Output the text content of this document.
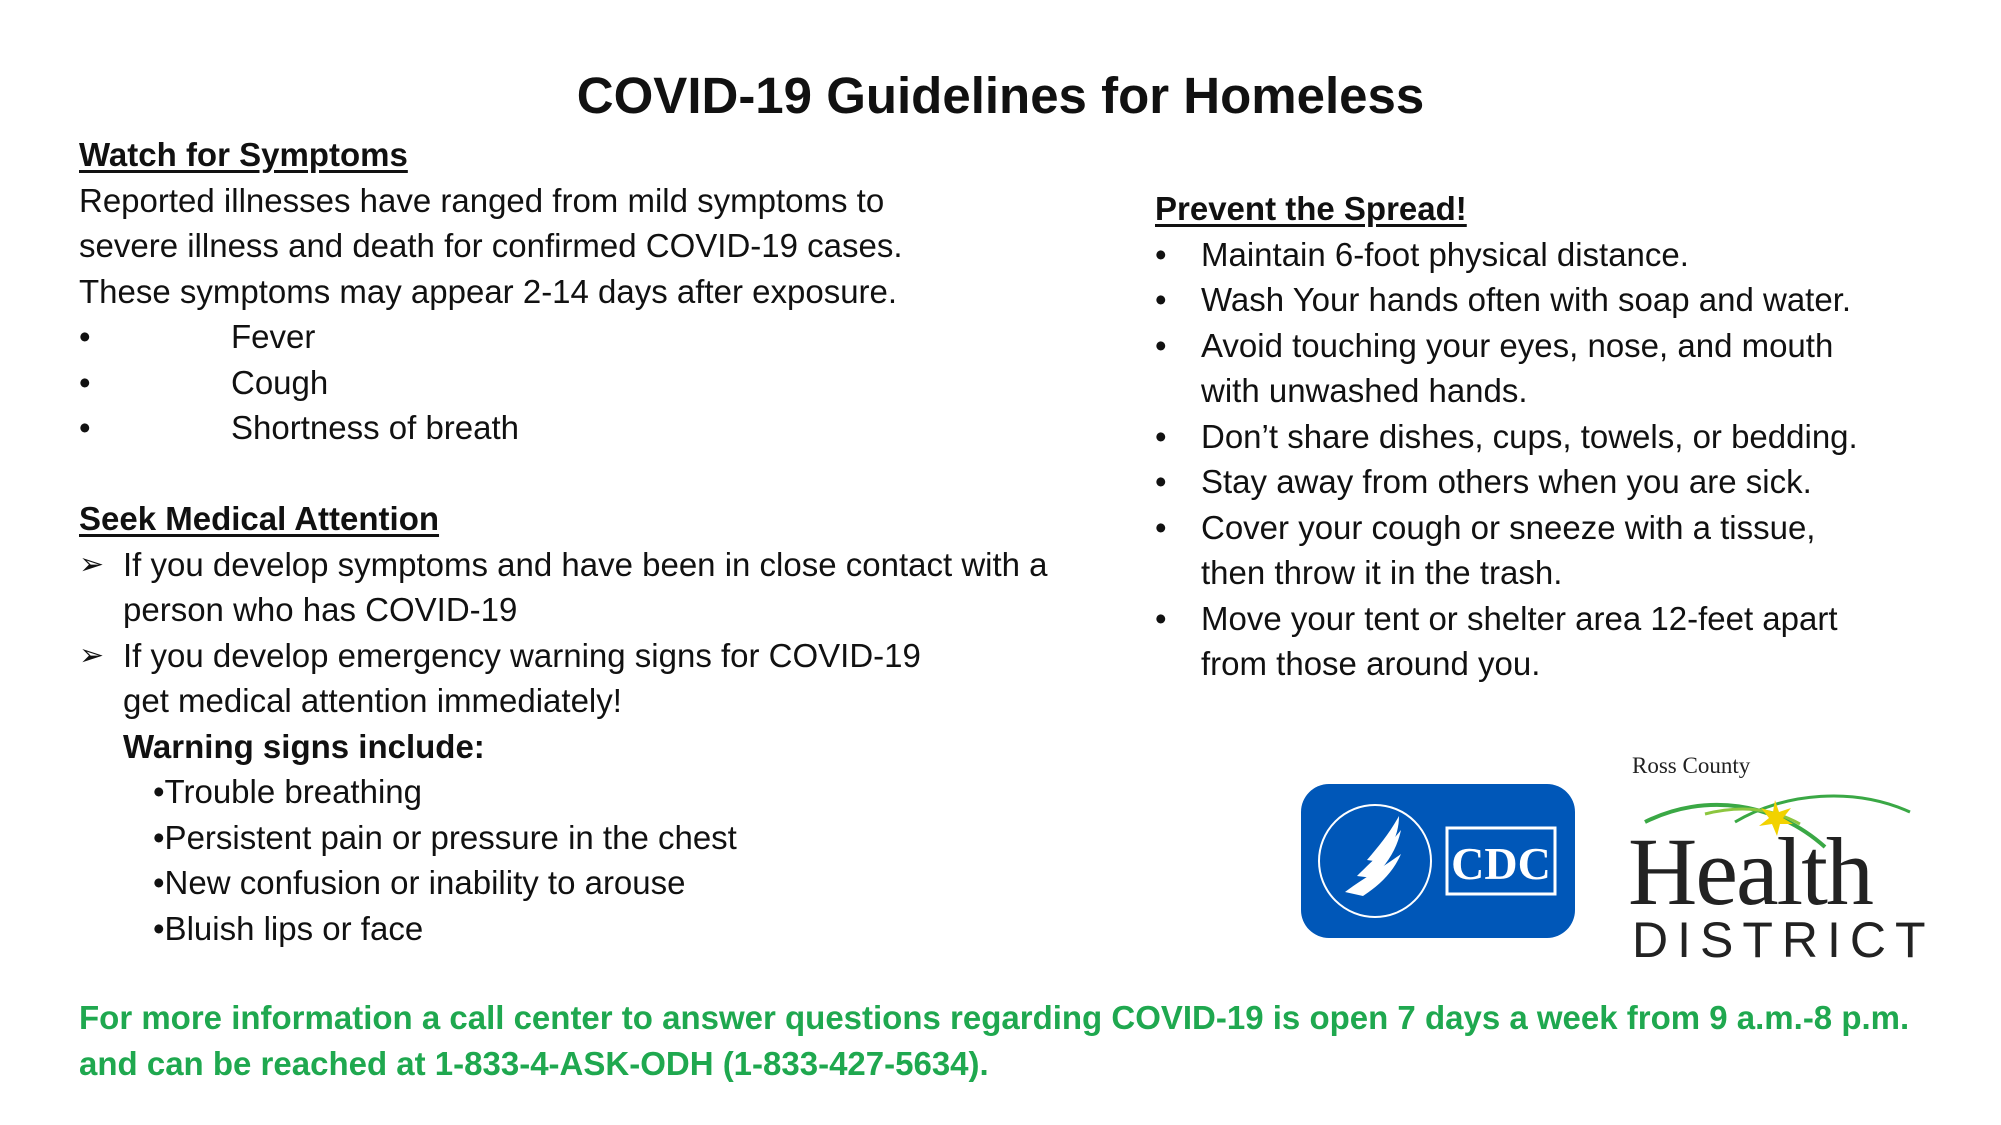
COVID-19 Guidelines for Homeless

Watch for Symptoms

Reported illnesses have ranged from mild symptoms to

severe illness and death for confirmed COVID-19 cases.

These symptoms may appear 2-14 days after exposure.

•	Fever
•	Cough
•	Shortness of breath

Seek Medical Attention

➢ If you develop symptoms and have been in close contact with a
person who has COVID-19
➢ If you develop emergency warning signs for COVID-19
get medical attention immediately!

Warning signs include:

•Trouble breathing
•Persistent pain or pressure in the chest
•New confusion or inability to arouse
•Bluish lips or face

Prevent the Spread!

• Maintain 6-foot physical distance.
• Wash Your hands often with soap and water.
• Avoid touching your eyes, nose, and mouth
with unwashed hands.
• Don’t share dishes, cups, towels, or bedding.
• Stay away from others when you are sick.
• Cover your cough or sneeze with a tissue,
then throw it in the trash.
• Move your tent or shelter area 12-feet apart
from those around you.
CDC
Ross County
Health
DISTRICT
For more information a call center to answer questions regarding COVID-19 is open 7 days a week from 9 a.m.-8 p.m.
and can be reached at 1-833-4-ASK-ODH (1-833-427-5634).
